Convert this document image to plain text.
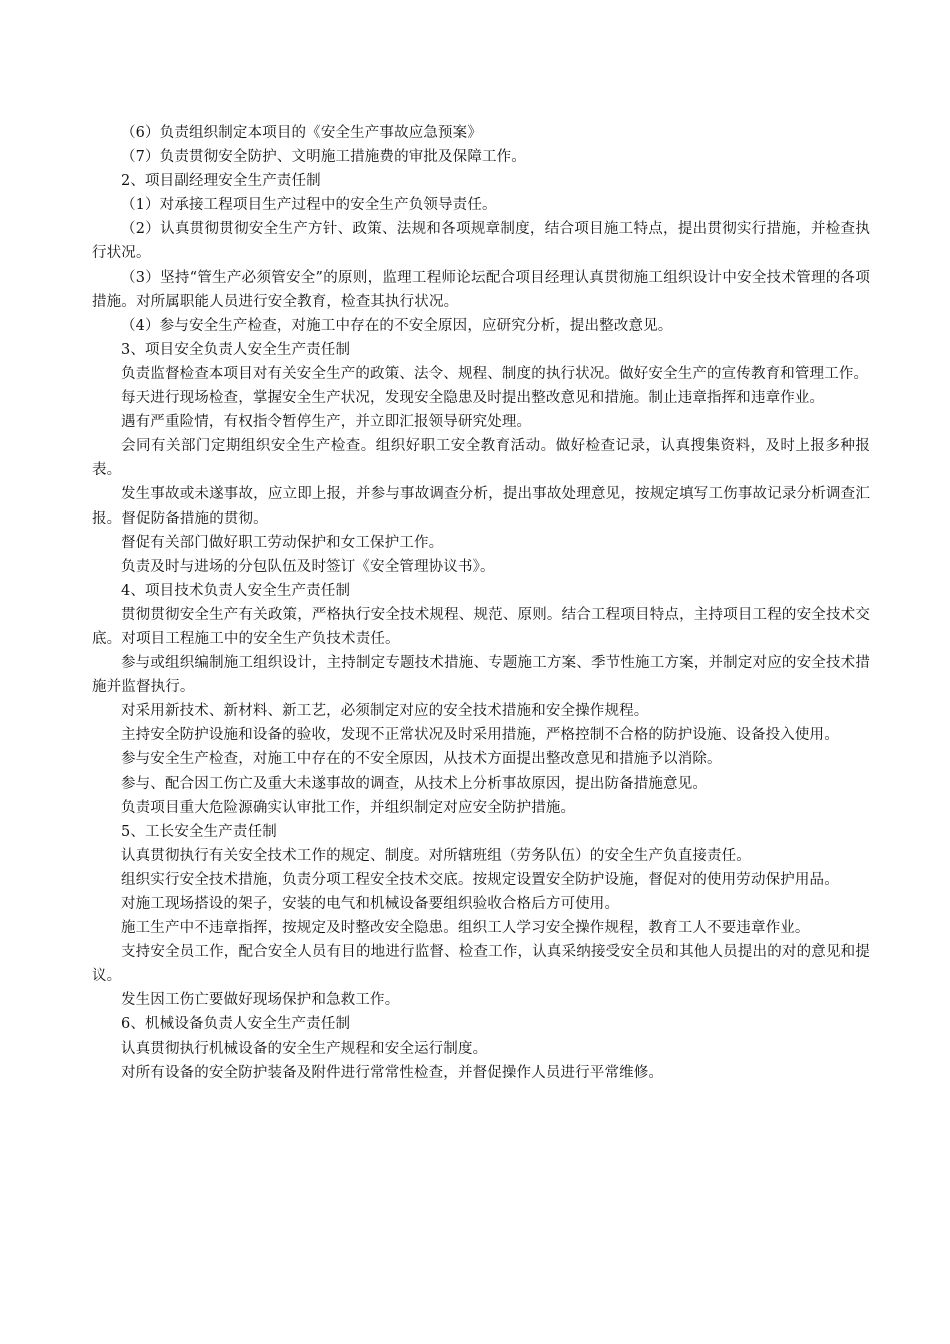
（6）负责组织制定本项目的《安全生产事故应急预案》

（7）负责贯彻安全防护、文明施工措施费的审批及保障工作。

2、项目副经理安全生产责任制

（1）对承接工程项目生产过程中的安全生产负领导责任。

（2）认真贯彻贯彻安全生产方针、政策、法规和各项规章制度，结合项目施工特点，提出贯彻实行措施，并检查执行状况。

（3）坚持“管生产必须管安全”的原则，监理工程师论坛配合项目经理认真贯彻施工组织设计中安全技术管理的各项措施。对所属职能人员进行安全教育，检查其执行状况。

（4）参与安全生产检查，对施工中存在的不安全原因，应研究分析，提出整改意见。

3、项目安全负责人安全生产责任制

负责监督检查本项目对有关安全生产的政策、法令、规程、制度的执行状况。做好安全生产的宣传教育和管理工作。

每天进行现场检查，掌握安全生产状况，发现安全隐患及时提出整改意见和措施。制止违章指挥和违章作业。

遇有严重险情，有权指令暂停生产，并立即汇报领导研究处理。

会同有关部门定期组织安全生产检查。组织好职工安全教育活动。做好检查记录，认真搜集资料，及时上报多种报表。

发生事故或未遂事故，应立即上报，并参与事故调查分析，提出事故处理意见，按规定填写工伤事故记录分析调查汇报。督促防备措施的贯彻。

督促有关部门做好职工劳动保护和女工保护工作。

负责及时与进场的分包队伍及时签订《安全管理协议书》。

4、项目技术负责人安全生产责任制

贯彻贯彻安全生产有关政策，严格执行安全技术规程、规范、原则。结合工程项目特点，主持项目工程的安全技术交底。对项目工程施工中的安全生产负技术责任。

参与或组织编制施工组织设计，主持制定专题技术措施、专题施工方案、季节性施工方案，并制定对应的安全技术措施并监督执行。

对采用新技术、新材料、新工艺，必须制定对应的安全技术措施和安全操作规程。

主持安全防护设施和设备的验收，发现不正常状况及时采用措施，严格控制不合格的防护设施、设备投入使用。

参与安全生产检查，对施工中存在的不安全原因，从技术方面提出整改意见和措施予以消除。

参与、配合因工伤亡及重大未遂事故的调查，从技术上分析事故原因，提出防备措施意见。

负责项目重大危险源确实认审批工作，并组织制定对应安全防护措施。

5、工长安全生产责任制

认真贯彻执行有关安全技术工作的规定、制度。对所辖班组（劳务队伍）的安全生产负直接责任。

组织实行安全技术措施，负责分项工程安全技术交底。按规定设置安全防护设施，督促对的使用劳动保护用品。

对施工现场搭设的架子，安装的电气和机械设备要组织验收合格后方可使用。

施工生产中不违章指挥，按规定及时整改安全隐患。组织工人学习安全操作规程，教育工人不要违章作业。

支持安全员工作，配合安全人员有目的地进行监督、检查工作，认真采纳接受安全员和其他人员提出的对的意见和提议。

发生因工伤亡要做好现场保护和急救工作。

6、机械设备负责人安全生产责任制

认真贯彻执行机械设备的安全生产规程和安全运行制度。

对所有设备的安全防护装备及附件进行常常性检查，并督促操作人员进行平常维修。
